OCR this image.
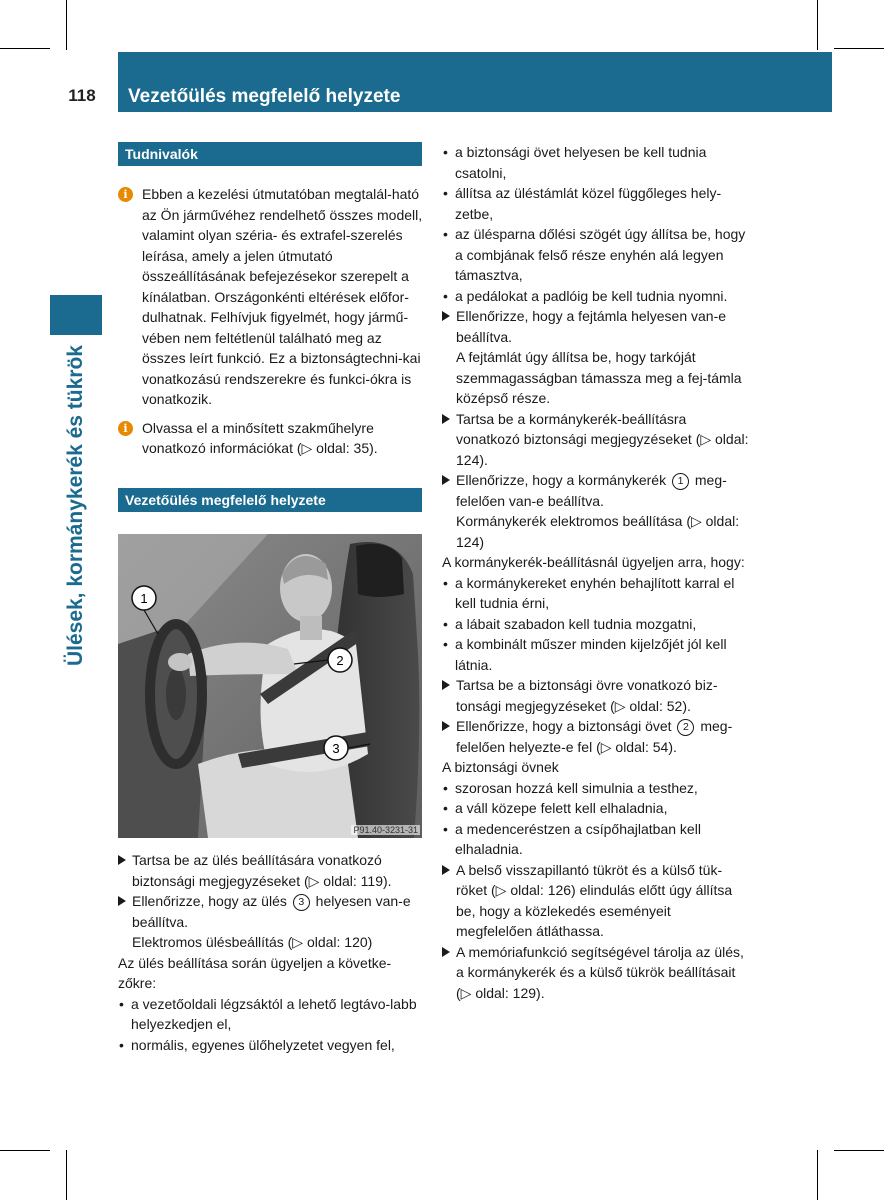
118	Vezetőülés megfelelő helyzete
Ülések, kormánykerék és tükrök
Tudnivalók

i	Ebben a kezelési útmutatóban megtalál-ható az Ön járművéhez rendelhető összes modell, valamint olyan széria- és extrafel-szerelés leírása, amely a jelen útmutató összeállításának befejezésekor szerepelt a kínálatban. Országonkénti eltérések előfor-dulhatnak. Felhívjuk figyelmét, hogy jármű-vében nem feltétlenül található meg az összes leírt funkció. Ez a biztonságtechni-kai vonatkozású rendszerekre és funkci-ókra is vonatkozik.

i	Olvassa el a minősített szakműhelyre vonatkozó információkat (▷ oldal: 35).

Vezetőülés megfelelő helyzete
1
2
3
P91.40-3231-31

Tartsa be az ülés beállítására vonatkozó biztonsági megjegyzéseket (▷ oldal: 119).

Ellenőrizze, hogy az ülés 3 helyesen van-e beállítva.

Elektromos ülésbeállítás (▷ oldal: 120)

Az ülés beállítása során ügyeljen a követke-zőkre:

• a vezetőoldali légzsáktól a lehető legtávo-labb helyezkedjen el,

• normális, egyenes ülőhelyzetet vegyen fel,

• a biztonsági övet helyesen be kell tudnia csatolni,

• állítsa az üléstámlát közel függőleges hely-zetbe,

• az ülésparna dőlési szögét úgy állítsa be, hogy a combjának felső része enyhén alá legyen támasztva,

• a pedálokat a padlóig be kell tudnia nyomni.

Ellenőrizze, hogy a fejtámla helyesen van-e beállítva.

A fejtámlát úgy állítsa be, hogy tarkóját szemmagasságban támassza meg a fej-támla középső része.

Tartsa be a kormánykerék-beállításra vonatkozó biztonsági megjegyzéseket (▷ oldal: 124).

Ellenőrizze, hogy a kormánykerék 1 meg-felelően van-e beállítva.

Kormánykerék elektromos beállítása (▷ oldal: 124)

A kormánykerék-beállításnál ügyeljen arra, hogy:

• a kormánykereket enyhén behajlított karral el kell tudnia érni,

• a lábait szabadon kell tudnia mozgatni,

• a kombinált műszer minden kijelzőjét jól kell látnia.

Tartsa be a biztonsági övre vonatkozó biz-tonsági megjegyzéseket (▷ oldal: 52).

Ellenőrizze, hogy a biztonsági övet 2 meg-felelően helyezte-e fel (▷ oldal: 54).

A biztonsági övnek

• szorosan hozzá kell simulnia a testhez,

• a váll közepe felett kell elhaladnia,

• a medenceréstzen a csípőhajlatban kell elhaladnia.

A belső visszapillantó tükröt és a külső tük-röket (▷ oldal: 126) elindulás előtt úgy állítsa be, hogy a közlekedés eseményeit megfelelően átláthassa.

A memóriafunkció segítségével tárolja az ülés, a kormánykerék és a külső tükrök beállításait (▷ oldal: 129).
